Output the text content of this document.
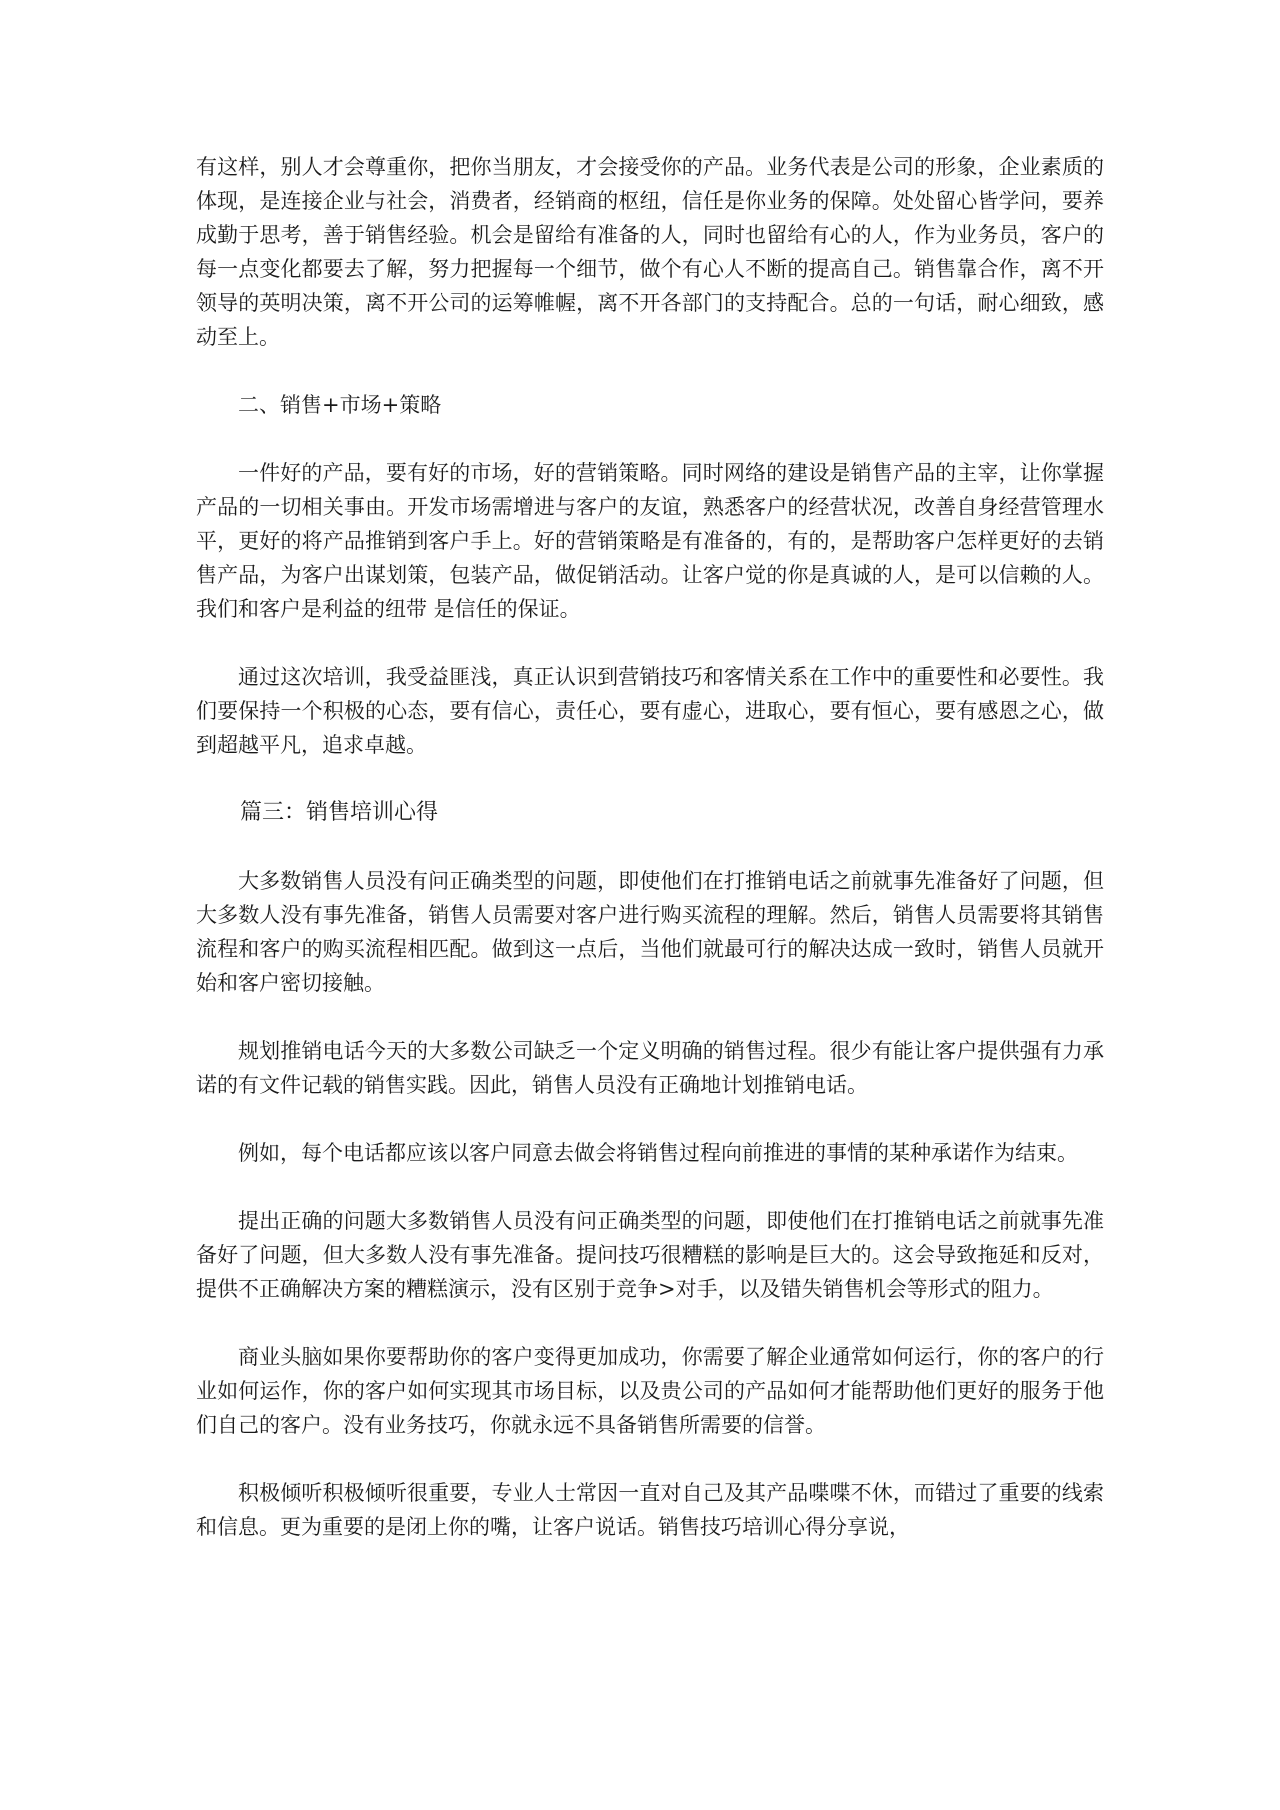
有这样，别人才会尊重你，把你当朋友，才会接受你的产品。业务代表是公司的形象，企业素质的体现，是连接企业与社会，消费者，经销商的枢纽，信任是你业务的保障。处处留心皆学问，要养成勤于思考，善于销售经验。机会是留给有准备的人，同时也留给有心的人，作为业务员，客户的每一点变化都要去了解，努力把握每一个细节，做个有心人不断的提高自己。销售靠合作，离不开领导的英明决策，离不开公司的运筹帷幄，离不开各部门的支持配合。总的一句话，耐心细致，感动至上。

二、销售+市场+策略

一件好的产品，要有好的市场，好的营销策略。同时网络的建设是销售产品的主宰，让你掌握产品的一切相关事由。开发市场需增进与客户的友谊，熟悉客户的经营状况，改善自身经营管理水平，更好的将产品推销到客户手上。好的营销策略是有准备的，有的，是帮助客户怎样更好的去销售产品，为客户出谋划策，包装产品，做促销活动。让客户觉的你是真诚的人，是可以信赖的人。我们和客户是利益的纽带 是信任的保证。

通过这次培训，我受益匪浅，真正认识到营销技巧和客情关系在工作中的重要性和必要性。我们要保持一个积极的心态，要有信心，责任心，要有虚心，进取心，要有恒心，要有感恩之心，做到超越平凡，追求卓越。

篇三：销售培训心得

大多数销售人员没有问正确类型的问题，即使他们在打推销电话之前就事先准备好了问题，但大多数人没有事先准备，销售人员需要对客户进行购买流程的理解。然后，销售人员需要将其销售流程和客户的购买流程相匹配。做到这一点后，当他们就最可行的解决达成一致时，销售人员就开始和客户密切接触。

规划推销电话今天的大多数公司缺乏一个定义明确的销售过程。很少有能让客户提供强有力承诺的有文件记载的销售实践。因此，销售人员没有正确地计划推销电话。

例如，每个电话都应该以客户同意去做会将销售过程向前推进的事情的某种承诺作为结束。

提出正确的问题大多数销售人员没有问正确类型的问题，即使他们在打推销电话之前就事先准备好了问题，但大多数人没有事先准备。提问技巧很糟糕的影响是巨大的。这会导致拖延和反对，提供不正确解决方案的糟糕演示，没有区别于竞争>对手，以及错失销售机会等形式的阻力。

商业头脑如果你要帮助你的客户变得更加成功，你需要了解企业通常如何运行，你的客户的行业如何运作，你的客户如何实现其市场目标，以及贵公司的产品如何才能帮助他们更好的服务于他们自己的客户。没有业务技巧，你就永远不具备销售所需要的信誉。

积极倾听积极倾听很重要，专业人士常因一直对自己及其产品喋喋不休，而错过了重要的线索和信息。更为重要的是闭上你的嘴，让客户说话。销售技巧培训心得分享说，
